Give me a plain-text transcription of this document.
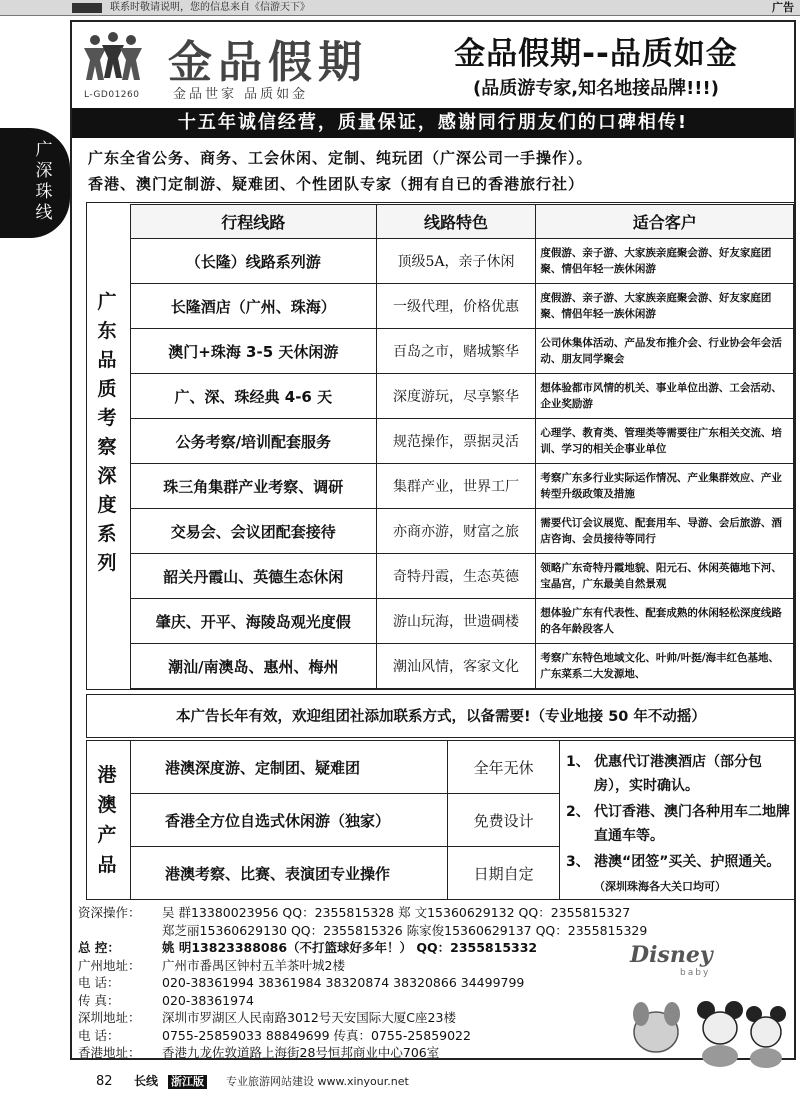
联系时敬请说明，您的信息来自《信游天下》	广告
广深珠线
L-GD01260
金品假期
金品世家 品质如金
金品假期--品质如金
(品质游专家,知名地接品牌!!!)
十五年诚信经营，质量保证，感谢同行朋友们的口碑相传!
广东全省公务、商务、工会休闲、定制、纯玩团（广深公司一手操作）。
香港、澳门定制游、疑难团、个性团队专家（拥有自已的香港旅行社）
广东品质考察深度系列
行程线路	线路特色	适合客户
（长隆）线路系列游	顶级5A，亲子休闲	度假游、亲子游、大家族亲庭聚会游、好友家庭团聚、情侣年轻一族休闲游
长隆酒店（广州、珠海）	一级代理，价格优惠	度假游、亲子游、大家族亲庭聚会游、好友家庭团聚、情侣年轻一族休闲游
澳门+珠海 3-5 天休闲游	百岛之市，赌城繁华	公司休集体活动、产品发布推介会、行业协会年会活动、朋友同学聚会
广、深、珠经典 4-6 天	深度游玩，尽享繁华	想体验都市风情的机关、事业单位出游、工会活动、企业奖励游
公务考察/培训配套服务	规范操作，票据灵活	心理学、教育类、管理类等需要往广东相关交流、培训、学习的相关企事业单位
珠三角集群产业考察、调研	集群产业，世界工厂	考察广东多行业实际运作情况、产业集群效应、产业转型升级政策及措施
交易会、会议团配套接待	亦商亦游，财富之旅	需要代订会议展览、配套用车、导游、会后旅游、酒店咨询、会员接待等同行
韶关丹霞山、英德生态休闲	奇特丹霞，生态英德	领略广东奇特丹霞地貌、阳元石、休闲英德地下河、宝晶宫，广东最美自然景观
肇庆、开平、海陵岛观光度假	游山玩海，世遗碉楼	想体验广东有代表性、配套成熟的休闲轻松深度线路的各年龄段客人
潮汕/南澳岛、惠州、梅州	潮汕风情，客家文化	考察广东特色地域文化、叶帅/叶挺/海丰红色基地、广东菜系二大发源地、
本广告长年有效，欢迎组团社添加联系方式，以备需要!（专业地接 50 年不动摇）
港澳产品
港澳深度游、定制团、疑难团	全年无休
香港全方位自选式休闲游（独家）	免费设计
港澳考察、比赛、表演团专业操作	日期自定
1、 优惠代订港澳酒店（部分包房），实时确认。
2、 代订香港、澳门各种用车二地牌直通车等。
3、 港澳“团签”买关、护照通关。（深圳珠海各大关口均可）
资深操作：	吴 群13380023956 QQ：2355815328 郑 文15360629132 QQ：2355815327
郑芝丽15360629130 QQ：2355815326 陈家俊15360629137 QQ：2355815329
总 控：	姚 明13823388086（不打篮球好多年！） QQ：2355815332
广州地址：	广州市番禺区钟村五羊茶叶城2楼
电 话：	020-38361994 38361984 38320874 38320866 34499799
传 真：	020-38361974
深圳地址：	深圳市罗湖区人民南路3012号天安国际大厦C座23楼
电 话：	0755-25859033 88849699 传真：0755-25859022
香港地址：	香港九龙佐敦道路上海街28号恒邦商业中心706室
Disney
baby
82 长线 浙江版 专业旅游网站建设 www.xinyour.net
